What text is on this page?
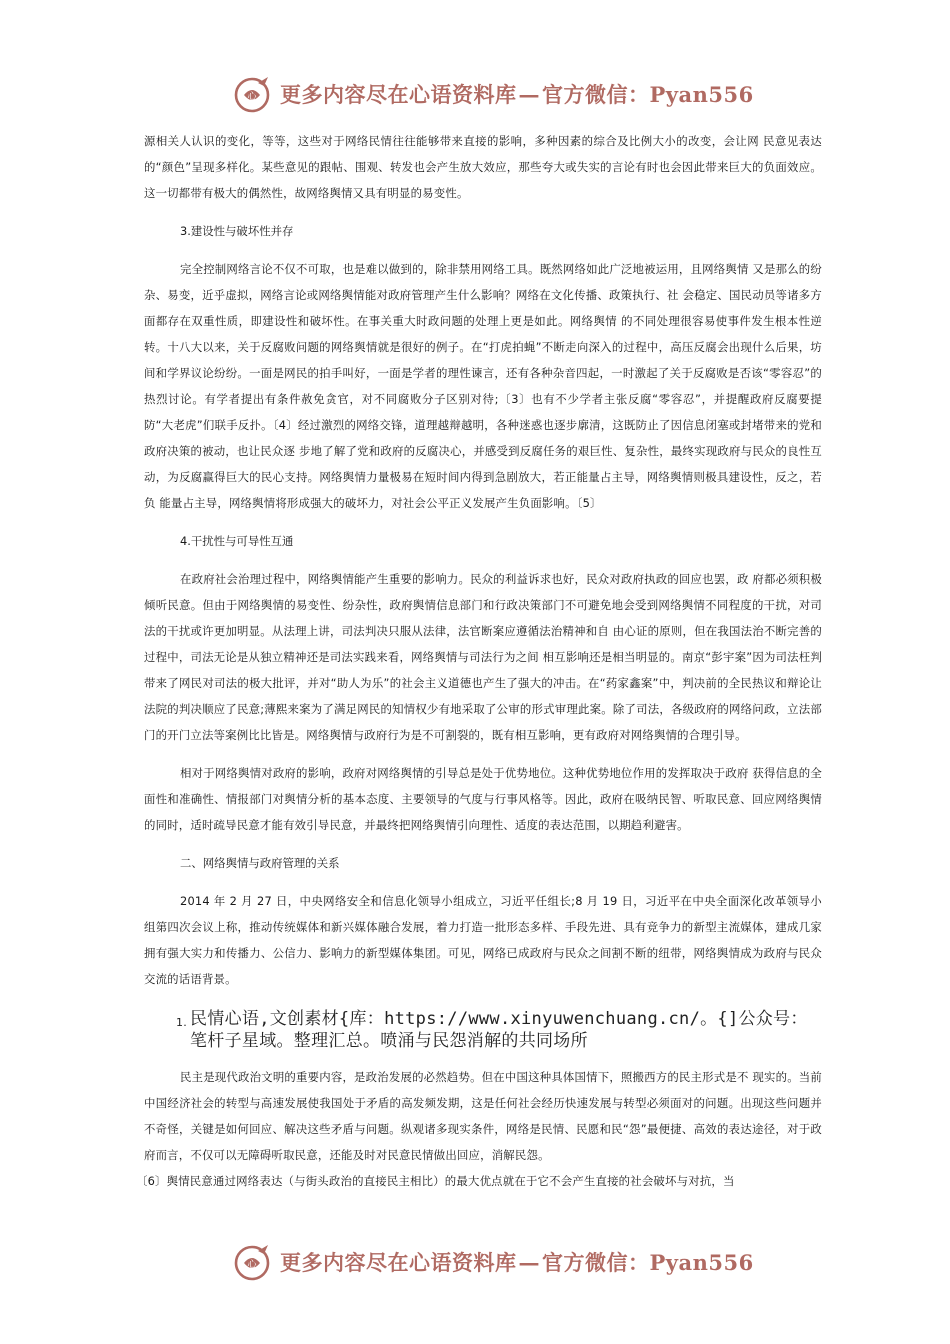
心 更多内容尽在心语资料库—官方微信：Pyan556

源相关人认识的变化，等等，这些对于网络民情往往能够带来直接的影响，多种因素的综合及比例大小的改变，会让网 民意见表达的“颜色”呈现多样化。某些意见的跟帖、围观、转发也会产生放大效应，那些夸大或失实的言论有时也会因此带来巨大的负面效应。这一切都带有极大的偶然性，故网络舆情又具有明显的易变性。

3.建设性与破坏性并存

完全控制网络言论不仅不可取，也是难以做到的，除非禁用网络工具。既然网络如此广泛地被运用，且网络舆情 又是那么的纷杂、易变，近乎虚拟，网络言论或网络舆情能对政府管理产生什么影响？网络在文化传播、政策执行、社 会稳定、国民动员等诸多方面都存在双重性质，即建设性和破坏性。在事关重大时政问题的处理上更是如此。网络舆情 的不同处理很容易使事件发生根本性逆转。十八大以来，关于反腐败问题的网络舆情就是很好的例子。在“打虎拍蝇”不断走向深入的过程中，高压反腐会出现什么后果，坊间和学界议论纷纷。一面是网民的拍手叫好，一面是学者的理性谏言，还有各种杂音四起，一时激起了关于反腐败是否该“零容忍”的热烈讨论。有学者提出有条件赦免贪官，对不同腐败分子区别对待;〔3〕也有不少学者主张反腐“零容忍”，并提醒政府反腐要提防“大老虎”们联手反扑。〔4〕经过激烈的网络交锋，道理越辩越明，各种迷惑也逐步廓清，这既防止了因信息闭塞或封堵带来的党和政府决策的被动，也让民众逐 步地了解了党和政府的反腐决心，并感受到反腐任务的艰巨性、复杂性，最终实现政府与民众的良性互动，为反腐赢得巨大的民心支持。网络舆情力量极易在短时间内得到急剧放大，若正能量占主导，网络舆情则极具建设性，反之，若负 能量占主导，网络舆情将形成强大的破坏力，对社会公平正义发展产生负面影响。〔5〕

4.干扰性与可导性互通

在政府社会治理过程中，网络舆情能产生重要的影响力。民众的利益诉求也好，民众对政府执政的回应也罢，政 府都必须积极倾听民意。但由于网络舆情的易变性、纷杂性，政府舆情信息部门和行政决策部门不可避免地会受到网络舆情不同程度的干扰，对司法的干扰或许更加明显。从法理上讲，司法判决只服从法律，法官断案应遵循法治精神和自 由心证的原则，但在我国法治不断完善的过程中，司法无论是从独立精神还是司法实践来看，网络舆情与司法行为之间 相互影响还是相当明显的。南京“彭宇案”因为司法枉判带来了网民对司法的极大批评，并对“助人为乐”的社会主义道德也产生了强大的冲击。在“药家鑫案”中，判决前的全民热议和辩论让法院的判决顺应了民意;薄熙来案为了满足网民的知情权少有地采取了公审的形式审理此案。除了司法，各级政府的网络问政，立法部门的开门立法等案例比比皆是。网络舆情与政府行为是不可割裂的，既有相互影响，更有政府对网络舆情的合理引导。

相对于网络舆情对政府的影响，政府对网络舆情的引导总是处于优势地位。这种优势地位作用的发挥取决于政府 获得信息的全面性和准确性、情报部门对舆情分析的基本态度、主要领导的气度与行事风格等。因此，政府在吸纳民智、听取民意、回应网络舆情的同时，适时疏导民意才能有效引导民意，并最终把网络舆情引向理性、适度的表达范围，以期趋利避害。

二、网络舆情与政府管理的关系

2014 年 2 月 27 日，中央网络安全和信息化领导小组成立，习近平任组长;8 月 19 日，习近平在中央全面深化改革领导小组第四次会议上称，推动传统媒体和新兴媒体融合发展，着力打造一批形态多样、手段先进、具有竞争力的新型主流媒体，建成几家拥有强大实力和传播力、公信力、影响力的新型媒体集团。可见，网络已成政府与民众之间割不断的纽带，网络舆情成为政府与民众交流的话语背景。

1. 民情心语,文创素材{库：https://www.xinyuwenchuang.cn/。{]公众号：笔杆子星域。整理汇总。喷涌与民怨消解的共同场所

民主是现代政治文明的重要内容，是政治发展的必然趋势。但在中国这种具体国情下，照搬西方的民主形式是不 现实的。当前中国经济社会的转型与高速发展使我国处于矛盾的高发频发期，这是任何社会经历快速发展与转型必须面对的问题。出现这些问题并不奇怪，关键是如何回应、解决这些矛盾与问题。纵观诸多现实条件，网络是民情、民愿和民“怨”最便捷、高效的表达途径，对于政府而言，不仅可以无障碍听取民意，还能及时对民意民情做出回应，消解民怨。

〔6〕舆情民意通过网络表达（与街头政治的直接民主相比）的最大优点就在于它不会产生直接的社会破坏与对抗，当

心 更多内容尽在心语资料库—官方微信：Pyan556
